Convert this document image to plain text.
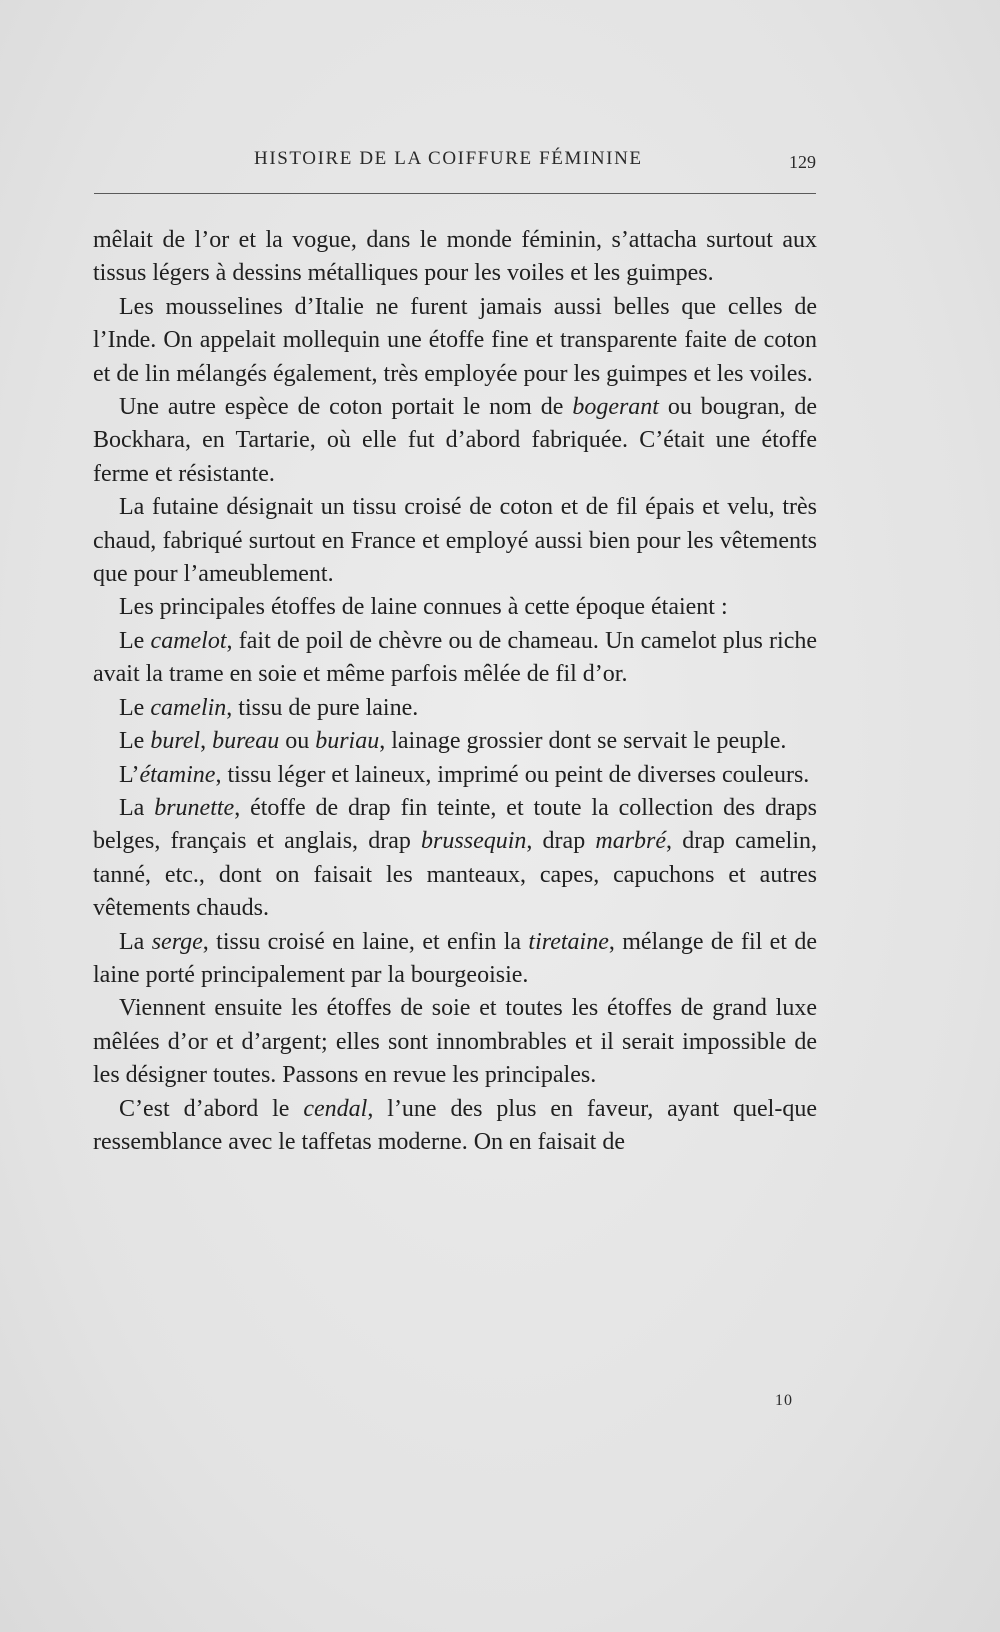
HISTOIRE DE LA COIFFURE FÉMININE	129

mêlait de l’or et la vogue, dans le monde féminin, s’attacha surtout aux tissus légers à dessins métalliques pour les voiles et les guimpes.

Les mousselines d’Italie ne furent jamais aussi belles que celles de l’Inde. On appelait mollequin une étoffe fine et transparente faite de coton et de lin mélangés également, très employée pour les guimpes et les voiles.

Une autre espèce de coton portait le nom de bogerant ou bougran, de Bockhara, en Tartarie, où elle fut d’abord fabriquée. C’était une étoffe ferme et résistante.

La futaine désignait un tissu croisé de coton et de fil épais et velu, très chaud, fabriqué surtout en France et employé aussi bien pour les vêtements que pour l’ameublement.

Les principales étoffes de laine connues à cette époque étaient :

Le camelot, fait de poil de chèvre ou de chameau. Un camelot plus riche avait la trame en soie et même parfois mêlée de fil d’or.

Le camelin, tissu de pure laine.

Le burel, bureau ou buriau, lainage grossier dont se servait le peuple.

L’étamine, tissu léger et laineux, imprimé ou peint de diverses couleurs.

La brunette, étoffe de drap fin teinte, et toute la collection des draps belges, français et anglais, drap brussequin, drap marbré, drap camelin, tanné, etc., dont on faisait les manteaux, capes, capuchons et autres vêtements chauds.

La serge, tissu croisé en laine, et enfin la tiretaine, mélange de fil et de laine porté principalement par la bourgeoisie.

Viennent ensuite les étoffes de soie et toutes les étoffes de grand luxe mêlées d’or et d’argent; elles sont innombrables et il serait impossible de les désigner toutes. Passons en revue les principales.

C’est d’abord le cendal, l’une des plus en faveur, ayant quel-que ressemblance avec le taffetas moderne. On en faisait de

10
